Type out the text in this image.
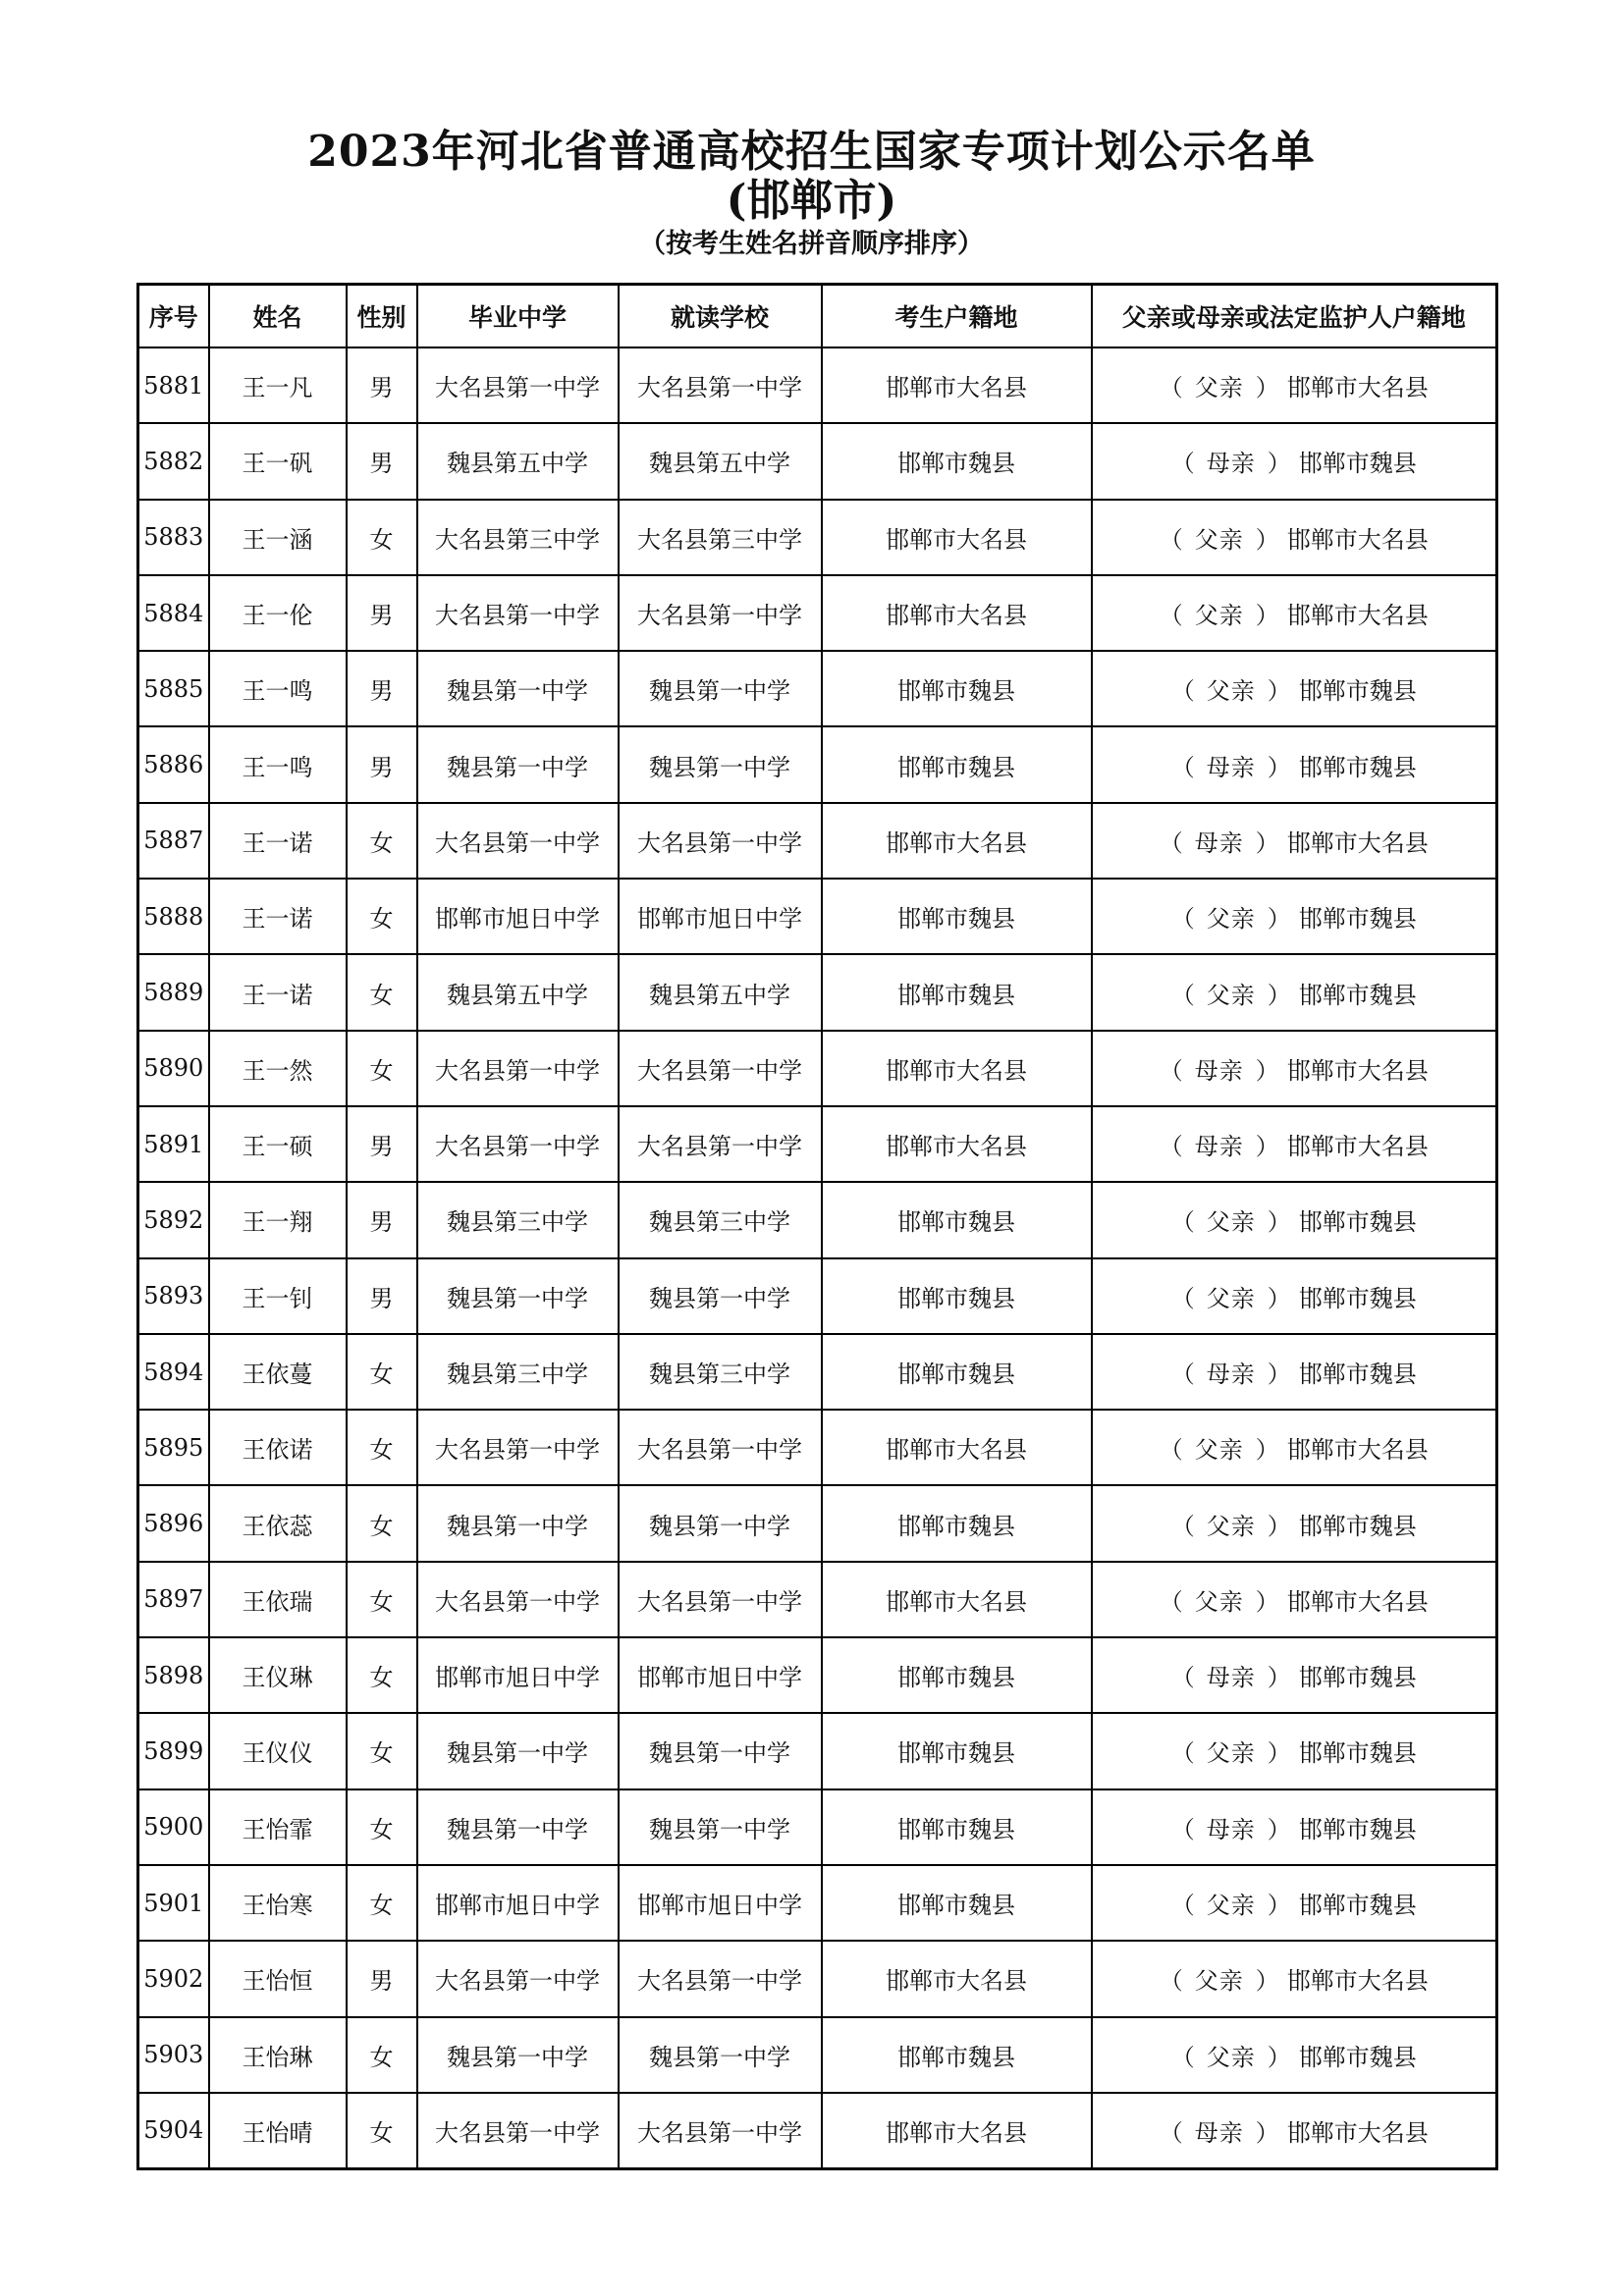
2023年河北省普通高校招生国家专项计划公示名单
(邯郸市)
（按考生姓名拼音顺序排序）
序号	姓名	性别	毕业中学	就读学校	考生户籍地	父亲或母亲或法定监护人户籍地
5881	王一凡	男	大名县第一中学	大名县第一中学	邯郸市大名县	（ 父亲 ） 邯郸市大名县
5882	王一矾	男	魏县第五中学	魏县第五中学	邯郸市魏县	（ 母亲 ） 邯郸市魏县
5883	王一涵	女	大名县第三中学	大名县第三中学	邯郸市大名县	（ 父亲 ） 邯郸市大名县
5884	王一伦	男	大名县第一中学	大名县第一中学	邯郸市大名县	（ 父亲 ） 邯郸市大名县
5885	王一鸣	男	魏县第一中学	魏县第一中学	邯郸市魏县	（ 父亲 ） 邯郸市魏县
5886	王一鸣	男	魏县第一中学	魏县第一中学	邯郸市魏县	（ 母亲 ） 邯郸市魏县
5887	王一诺	女	大名县第一中学	大名县第一中学	邯郸市大名县	（ 母亲 ） 邯郸市大名县
5888	王一诺	女	邯郸市旭日中学	邯郸市旭日中学	邯郸市魏县	（ 父亲 ） 邯郸市魏县
5889	王一诺	女	魏县第五中学	魏县第五中学	邯郸市魏县	（ 父亲 ） 邯郸市魏县
5890	王一然	女	大名县第一中学	大名县第一中学	邯郸市大名县	（ 母亲 ） 邯郸市大名县
5891	王一硕	男	大名县第一中学	大名县第一中学	邯郸市大名县	（ 母亲 ） 邯郸市大名县
5892	王一翔	男	魏县第三中学	魏县第三中学	邯郸市魏县	（ 父亲 ） 邯郸市魏县
5893	王一钊	男	魏县第一中学	魏县第一中学	邯郸市魏县	（ 父亲 ） 邯郸市魏县
5894	王依蔓	女	魏县第三中学	魏县第三中学	邯郸市魏县	（ 母亲 ） 邯郸市魏县
5895	王依诺	女	大名县第一中学	大名县第一中学	邯郸市大名县	（ 父亲 ） 邯郸市大名县
5896	王依蕊	女	魏县第一中学	魏县第一中学	邯郸市魏县	（ 父亲 ） 邯郸市魏县
5897	王依瑞	女	大名县第一中学	大名县第一中学	邯郸市大名县	（ 父亲 ） 邯郸市大名县
5898	王仪琳	女	邯郸市旭日中学	邯郸市旭日中学	邯郸市魏县	（ 母亲 ） 邯郸市魏县
5899	王仪仪	女	魏县第一中学	魏县第一中学	邯郸市魏县	（ 父亲 ） 邯郸市魏县
5900	王怡霏	女	魏县第一中学	魏县第一中学	邯郸市魏县	（ 母亲 ） 邯郸市魏县
5901	王怡寒	女	邯郸市旭日中学	邯郸市旭日中学	邯郸市魏县	（ 父亲 ） 邯郸市魏县
5902	王怡恒	男	大名县第一中学	大名县第一中学	邯郸市大名县	（ 父亲 ） 邯郸市大名县
5903	王怡琳	女	魏县第一中学	魏县第一中学	邯郸市魏县	（ 父亲 ） 邯郸市魏县
5904	王怡晴	女	大名县第一中学	大名县第一中学	邯郸市大名县	（ 母亲 ） 邯郸市大名县
